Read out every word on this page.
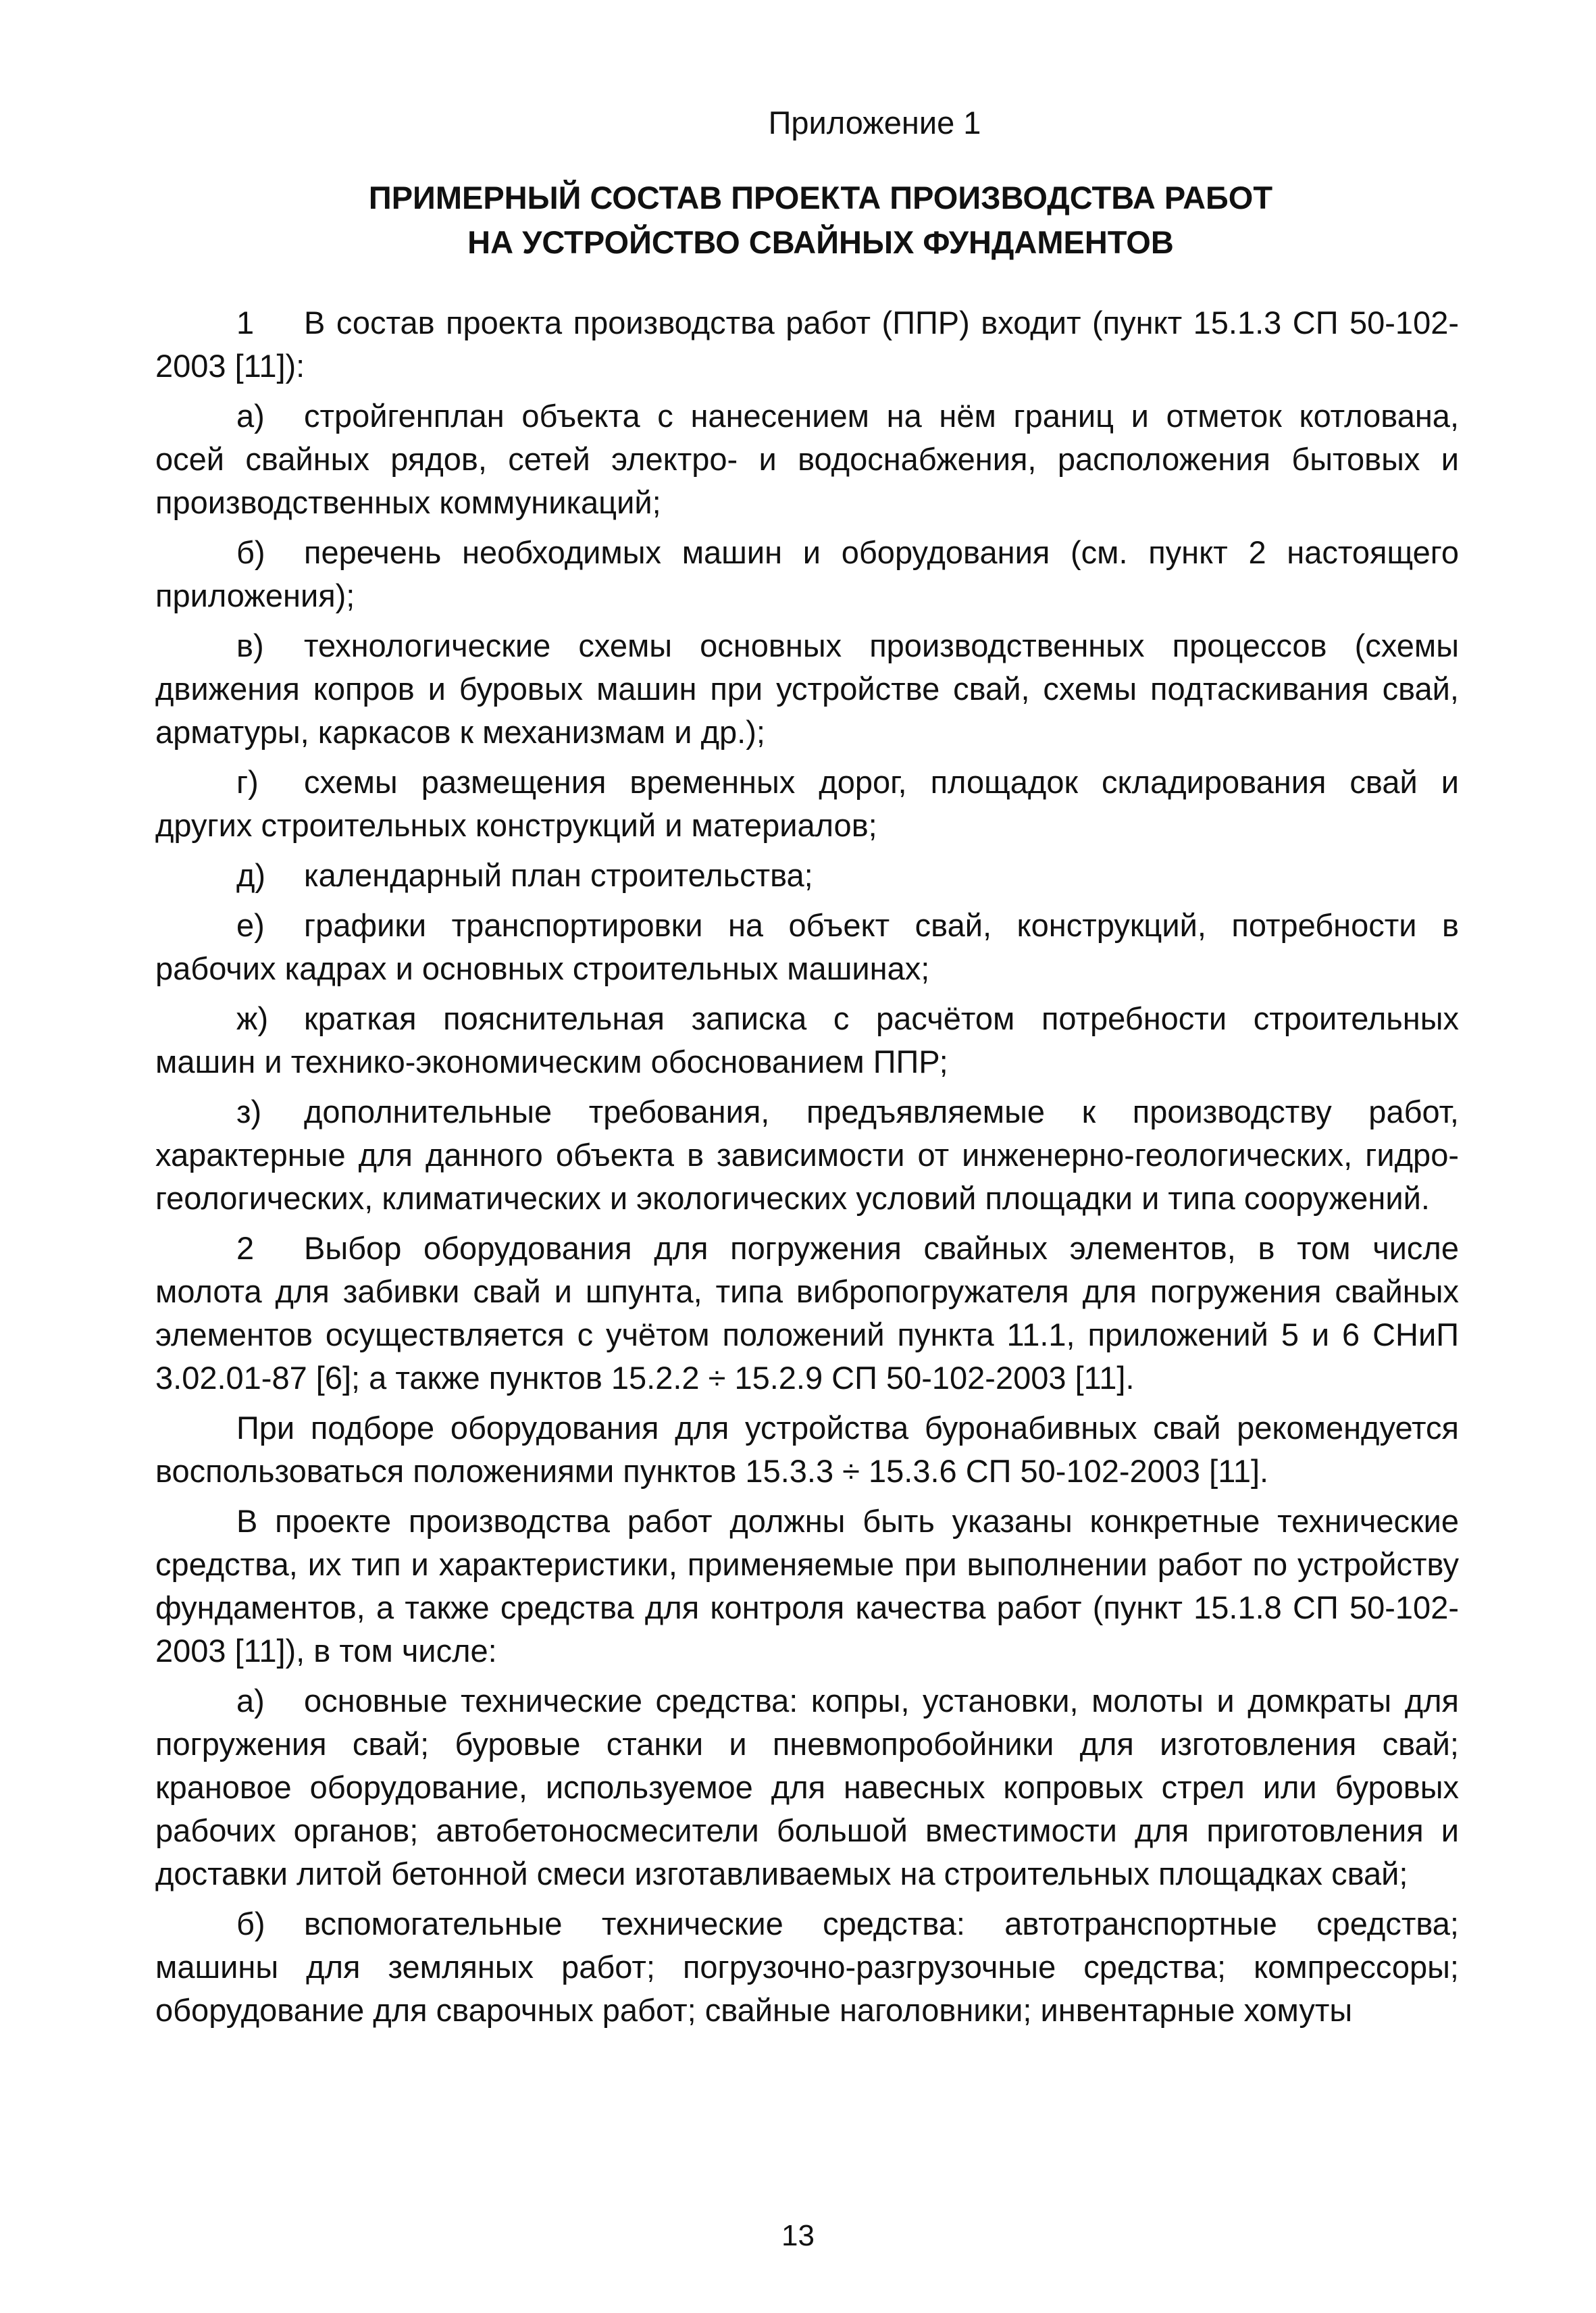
Приложение 1
ПРИМЕРНЫЙ СОСТАВ ПРОЕКТА ПРОИЗВОДСТВА РАБОТ
НА УСТРОЙСТВО СВАЙНЫХ ФУНДАМЕНТОВ

1 В состав проекта производства работ (ППР) входит (пункт 15.1.3 СП 50-102-2003 [11]):

а) стройгенплан объекта с нанесением на нём границ и отметок котлована, осей свайных рядов, сетей электро- и водоснабжения, расположения бытовых и производственных коммуникаций;

б) перечень необходимых машин и оборудования (см. пункт 2 настоящего приложения);

в) технологические схемы основных производственных процессов (схемы движения копров и буровых машин при устройстве свай, схемы подтаскивания свай, арматуры, каркасов к механизмам и др.);

г) схемы размещения временных дорог, площадок складирования свай и других строительных конструкций и материалов;

д) календарный план строительства;

е) графики транспортировки на объект свай, конструкций, потребности в рабочих кадрах и основных строительных машинах;

ж) краткая пояснительная записка с расчётом потребности строительных машин и технико-экономическим обоснованием ППР;

з) дополнительные требования, предъявляемые к производству работ, характерные для данного объекта в зависимости от инженерно-геологических, гидро-геологических, климатических и экологических условий площадки и типа сооружений.

2 Выбор оборудования для погружения свайных элементов, в том числе молота для забивки свай и шпунта, типа вибропогружателя для погружения свайных элементов осуществляется с учётом положений пункта 11.1, приложений 5 и 6 СНиП 3.02.01-87 [6]; а также пунктов 15.2.2 ÷ 15.2.9 СП 50-102-2003 [11].

При подборе оборудования для устройства буронабивных свай рекомендуется воспользоваться положениями пунктов 15.3.3 ÷ 15.3.6 СП 50-102-2003 [11].

В проекте производства работ должны быть указаны конкретные технические средства, их тип и характеристики, применяемые при выполнении работ по устройству фундаментов, а также средства для контроля качества работ (пункт 15.1.8 СП 50-102-2003 [11]), в том числе:

а) основные технические средства: копры, установки, молоты и домкраты для погружения свай; буровые станки и пневмопробойники для изготовления свай; крановое оборудование, используемое для навесных копровых стрел или буровых рабочих органов; автобетоносмесители большой вместимости для приготовления и доставки литой бетонной смеси изготавливаемых на строительных площадках свай;

б) вспомогательные технические средства: автотранспортные средства; машины для земляных работ; погрузочно-разгрузочные средства; компрессоры; оборудование для сварочных работ; свайные наголовники; инвентарные хомуты

13
